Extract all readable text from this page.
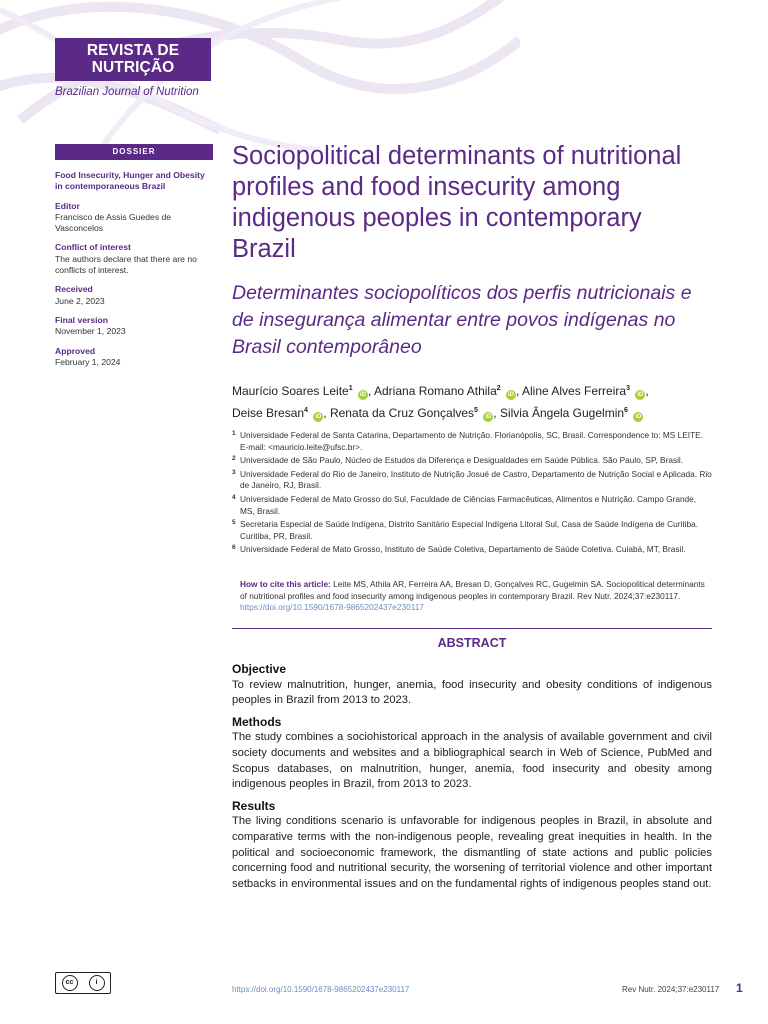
REVISTA DE
NUTRIÇÃO
Brazilian Journal of Nutrition
DOSSIER
Food Insecurity, Hunger and Obesity in contemporaneous Brazil
Editor
Francisco de Assis Guedes de Vasconcelos
Conflict of interest
The authors declare that there are no conflicts of interest.
Received
June 2, 2023
Final version
November 1, 2023
Approved
February 1, 2024
Sociopolitical determinants of nutritional profiles and food insecurity among indigenous peoples in contemporary Brazil
Determinantes sociopolíticos dos perfis nutricionais e de insegurança alimentar entre povos indígenas no Brasil contemporâneo
Maurício Soares Leite$^1$ iD , Adriana Romano Athila$^2$ iD , Aline Alves Ferreira$^3$ iD ,
Deise Bresan$^4$ iD , Renata da Cruz Gonçalves$^5$ iD , Silvia Ângela Gugelmin$^6$ iD
1 Universidade Federal de Santa Catarina, Departamento de Nutrição. Florianópolis, SC, Brasil. Correspondence to: MS LEITE. E-mail: <mauricio.leite@ufsc.br>.
2 Universidade de São Paulo, Núcleo de Estudos da Diferença e Desigualdades em Saúde Pública. São Paulo, SP, Brasil.
3 Universidade Federal do Rio de Janeiro, Instituto de Nutrição Josué de Castro, Departamento de Nutrição Social e Aplicada. Rio de Janeiro, RJ, Brasil.
4 Universidade Federal de Mato Grosso do Sul, Faculdade de Ciências Farmacêuticas, Alimentos e Nutrição. Campo Grande, MS, Brasil.
5 Secretaria Especial de Saúde Indígena, Distrito Sanitário Especial Indígena Litoral Sul, Casa de Saúde Indígena de Curitiba. Curitiba, PR, Brasil.
6 Universidade Federal de Mato Grosso, Instituto de Saúde Coletiva, Departamento de Saúde Coletiva. Cuiabá, MT, Brasil.
How to cite this article: Leite MS, Athila AR, Ferreira AA, Bresan D, Gonçalves RC, Gugelmin SA. Sociopolitical determinants of nutritional profiles and food insecurity among indigenous peoples in contemporary Brazil. Rev Nutr. 2024;37:e230117. https://doi.org/10.1590/1678-9865202437e230117
ABSTRACT
Objective

To review malnutrition, hunger, anemia, food insecurity and obesity conditions of indigenous peoples in Brazil from 2013 to 2023.

Methods

The study combines a sociohistorical approach in the analysis of available government and civil society documents and websites and a bibliographical search in Web of Science, PubMed and Scopus databases, on malnutrition, hunger, anemia, food insecurity and obesity among indigenous peoples in Brazil, from 2013 to 2023.

Results

The living conditions scenario is unfavorable for indigenous peoples in Brazil, in absolute and comparative terms with the non-indigenous people, revealing great inequities in health. In the political and socioeconomic framework, the dismantling of state actions and public policies concerning food and nutritional security, the worsening of territorial violence and other important setbacks in environmental issues and on the fundamental rights of indigenous peoples stand out.

cc	i
https://doi.org/10.1590/1678-9865202437e230117	Rev Nutr. 2024;37:e230117 1
